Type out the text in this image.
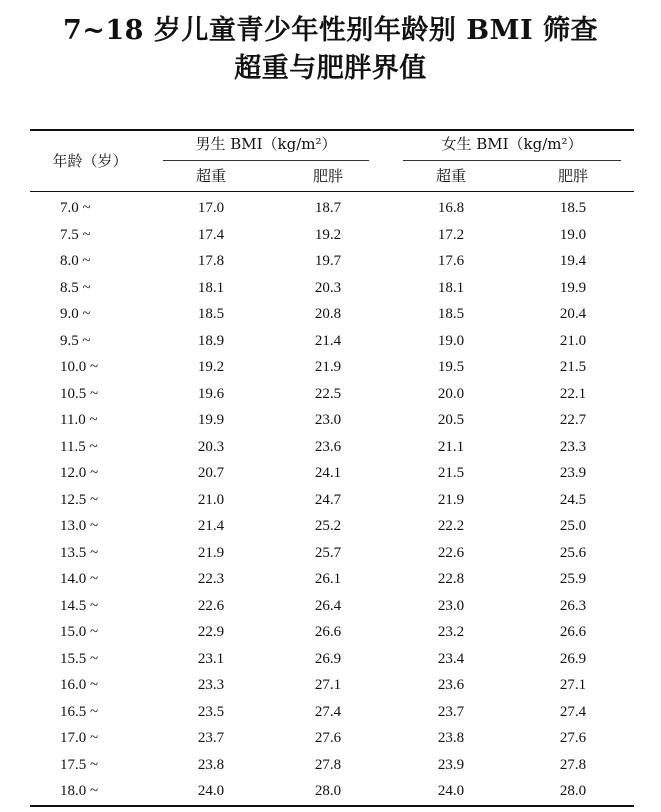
7~18 岁儿童青少年性别年龄别 BMI 筛查
超重与肥胖界值
年龄（岁）
男生 BMI（kg/m²）	女生 BMI（kg/m²）
超重	肥胖	超重	肥胖
7.0 ~	17.0	18.7	16.8	18.5
7.5 ~	17.4	19.2	17.2	19.0
8.0 ~	17.8	19.7	17.6	19.4
8.5 ~	18.1	20.3	18.1	19.9
9.0 ~	18.5	20.8	18.5	20.4
9.5 ~	18.9	21.4	19.0	21.0
10.0 ~	19.2	21.9	19.5	21.5
10.5 ~	19.6	22.5	20.0	22.1
11.0 ~	19.9	23.0	20.5	22.7
11.5 ~	20.3	23.6	21.1	23.3
12.0 ~	20.7	24.1	21.5	23.9
12.5 ~	21.0	24.7	21.9	24.5
13.0 ~	21.4	25.2	22.2	25.0
13.5 ~	21.9	25.7	22.6	25.6
14.0 ~	22.3	26.1	22.8	25.9
14.5 ~	22.6	26.4	23.0	26.3
15.0 ~	22.9	26.6	23.2	26.6
15.5 ~	23.1	26.9	23.4	26.9
16.0 ~	23.3	27.1	23.6	27.1
16.5 ~	23.5	27.4	23.7	27.4
17.0 ~	23.7	27.6	23.8	27.6
17.5 ~	23.8	27.8	23.9	27.8
18.0 ~	24.0	28.0	24.0	28.0
